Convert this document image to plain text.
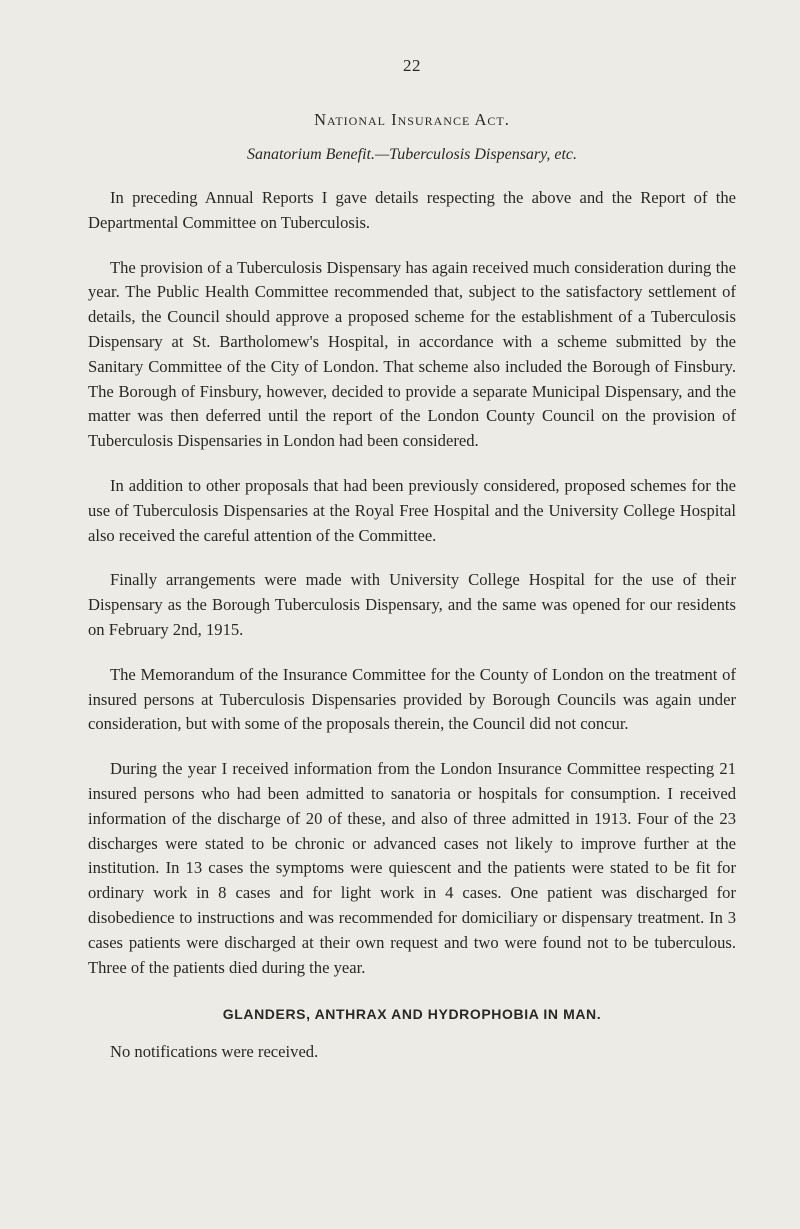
22
National Insurance Act.
Sanatorium Benefit.—Tuberculosis Dispensary, etc.

In preceding Annual Reports I gave details respecting the above and the Report of the Departmental Committee on Tuberculosis.

The provision of a Tuberculosis Dispensary has again received much consideration during the year. The Public Health Committee recommended that, subject to the satisfactory settlement of details, the Council should approve a proposed scheme for the establishment of a Tuberculosis Dispensary at St. Bartholomew's Hospital, in accordance with a scheme submitted by the Sanitary Committee of the City of London. That scheme also included the Borough of Finsbury. The Borough of Finsbury, however, decided to provide a separate Municipal Dispensary, and the matter was then deferred until the report of the London County Council on the provision of Tuberculosis Dispensaries in London had been considered.

In addition to other proposals that had been previously considered, proposed schemes for the use of Tuberculosis Dispensaries at the Royal Free Hospital and the University College Hospital also received the careful attention of the Committee.

Finally arrangements were made with University College Hospital for the use of their Dispensary as the Borough Tuberculosis Dispensary, and the same was opened for our residents on February 2nd, 1915.

The Memorandum of the Insurance Committee for the County of London on the treatment of insured persons at Tuberculosis Dispensaries provided by Borough Councils was again under consideration, but with some of the proposals therein, the Council did not concur.

During the year I received information from the London Insurance Committee respecting 21 insured persons who had been admitted to sanatoria or hospitals for consumption. I received information of the discharge of 20 of these, and also of three admitted in 1913. Four of the 23 discharges were stated to be chronic or advanced cases not likely to improve further at the institution. In 13 cases the symptoms were quiescent and the patients were stated to be fit for ordinary work in 8 cases and for light work in 4 cases. One patient was discharged for disobedience to instructions and was recommended for domiciliary or dispensary treatment. In 3 cases patients were discharged at their own request and two were found not to be tuberculous. Three of the patients died during the year.

GLANDERS, ANTHRAX AND HYDROPHOBIA IN MAN.

No notifications were received.
